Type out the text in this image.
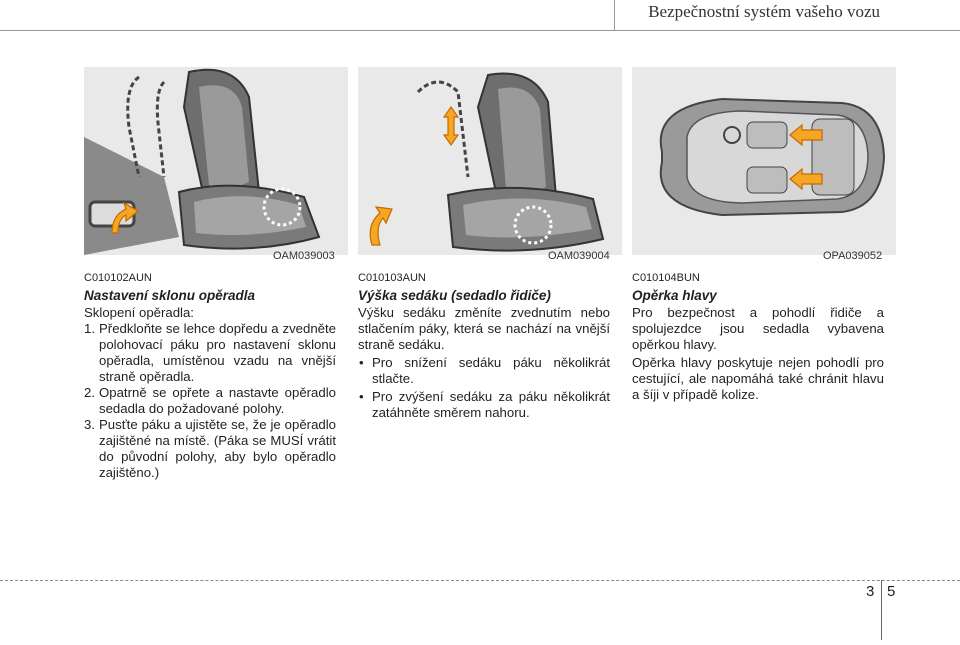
Bezpečnostní systém vašeho vozu
OAM039003	OAM039004	OPA039052
C010102AUN
Nastavení sklonu opěradla
Sklopení opěradla:
1. Předkloňte se lehce dopředu a zvedněte polohovací páku pro nastavení sklonu opěradla, umístěnou vzadu na vnější straně opěradla.
2. Opatrně se opřete a nastavte opěradlo sedadla do požadované polohy.
3. Pusťte páku a ujistěte se, že je opěradlo zajištěné na místě. (Páka se MUSÍ vrátit do původní polohy, aby bylo opěradlo zajištěno.)
C010103AUN
Výška sedáku (sedadlo řidiče)
Výšku sedáku změníte zvednutím nebo stlačením páky, která se nachází na vnější straně sedáku.
• Pro snížení sedáku páku několikrát stlačte.
• Pro zvýšení sedáku za páku několikrát zatáhněte směrem nahoru.
C010104BUN
Opěrka hlavy
Pro bezpečnost a pohodlí řidiče a spolujezdce jsou sedadla vybavena opěrkou hlavy.
Opěrka hlavy poskytuje nejen pohodlí pro cestující, ale napomáhá také chránit hlavu a šíji v případě kolize.
3 5
